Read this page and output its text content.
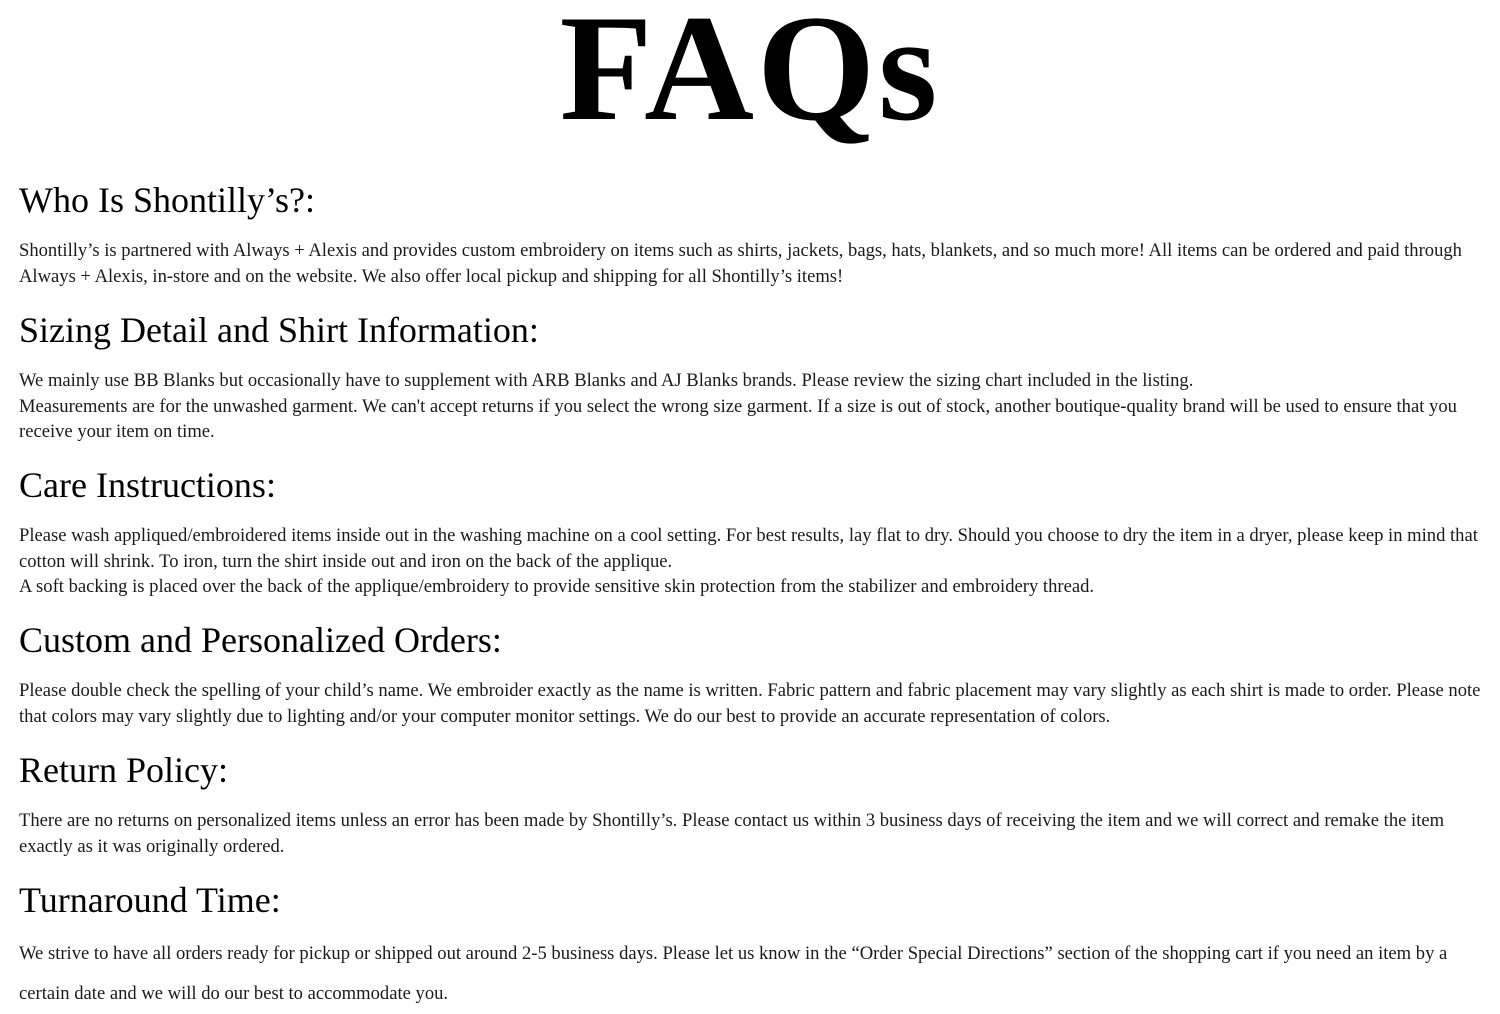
FAQs
Who Is Shontilly’s?:

Shontilly’s is partnered with Always + Alexis and provides custom embroidery on items such as shirts, jackets, bags, hats, blankets, and so much more! All items can be ordered and paid through Always + Alexis, in-store and on the website. We also offer local pickup and shipping for all Shontilly’s items!

Sizing Detail and Shirt Information:

We mainly use BB Blanks but occasionally have to supplement with ARB Blanks and AJ Blanks brands. Please review the sizing chart included in the listing.

Measurements are for the unwashed garment. We can't accept returns if you select the wrong size garment. If a size is out of stock, another boutique-quality brand will be used to ensure that you receive your item on time.

Care Instructions:

Please wash appliqued/embroidered items inside out in the washing machine on a cool setting. For best results, lay flat to dry. Should you choose to dry the item in a dryer, please keep in mind that cotton will shrink. To iron, turn the shirt inside out and iron on the back of the applique.

A soft backing is placed over the back of the applique/embroidery to provide sensitive skin protection from the stabilizer and embroidery thread.

Custom and Personalized Orders:

Please double check the spelling of your child’s name. We embroider exactly as the name is written. Fabric pattern and fabric placement may vary slightly as each shirt is made to order. Please note that colors may vary slightly due to lighting and/or your computer monitor settings. We do our best to provide an accurate representation of colors.

Return Policy:

There are no returns on personalized items unless an error has been made by Shontilly’s. Please contact us within 3 business days of receiving the item and we will correct and remake the item exactly as it was originally ordered.

Turnaround Time:

We strive to have all orders ready for pickup or shipped out around 2-5 business days. Please let us know in the “Order Special Directions” section of the shopping cart if you need an item by a certain date and we will do our best to accommodate you.
